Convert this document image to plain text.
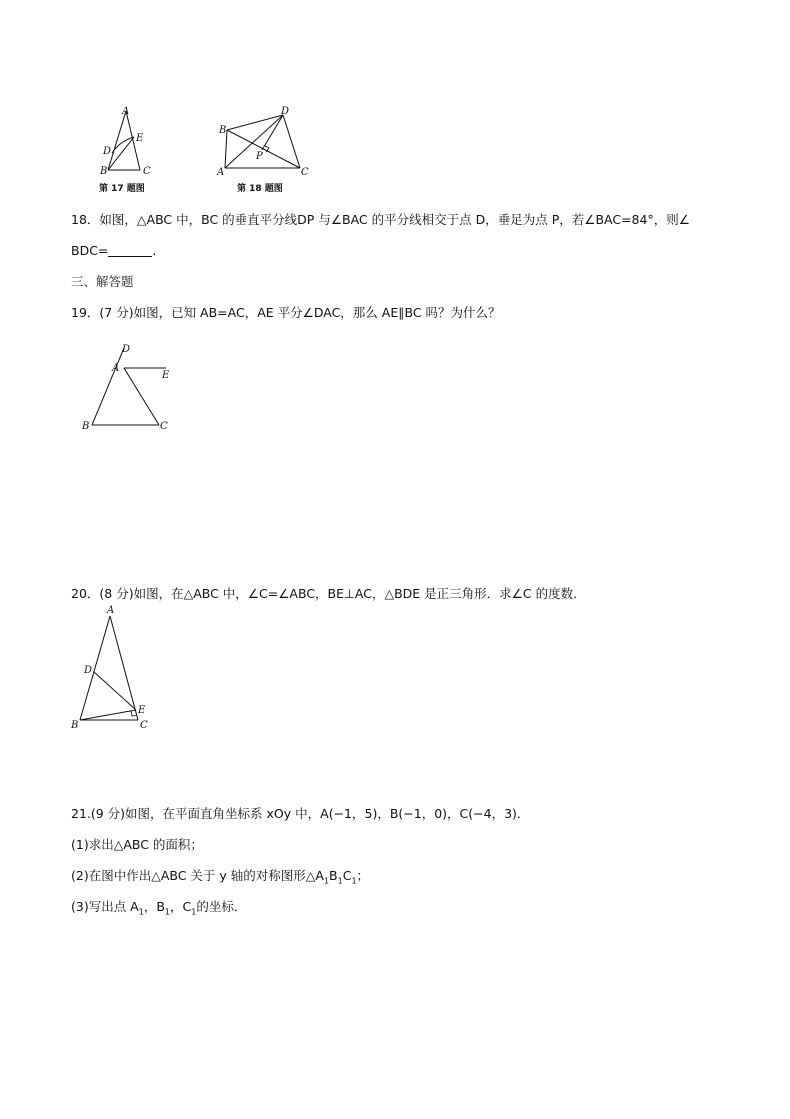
A
E
D
B	C
第 17 题图
D
B
P
A	C
第 18 题图
18．如图，△ABC 中，BC 的垂直平分线DP 与∠BAC 的平分线相交于点 D，垂足为点 P，若∠BAC=84°，则∠
BDC=	.
三、解答题
19．(7 分)如图，已知 AB=AC，AE 平分∠DAC，那么 AE∥BC 吗？为什么？
D
A
E
B	C
20．(8 分)如图，在△ABC 中，∠C=∠ABC，BE⊥AC，△BDE 是正三角形．求∠C 的度数．
A
D
E
B	C
21.(9 分)如图，在平面直角坐标系 xOy 中，A(−1，5)，B(−1，0)，C(−4，3)．
(1)求出△ABC 的面积；
(2)在图中作出△ABC 关于 y 轴的对称图形$\triangle A_1B_1C_1$；
(3)写出点 $A_1$，$B_1$，$C_1$的坐标．
